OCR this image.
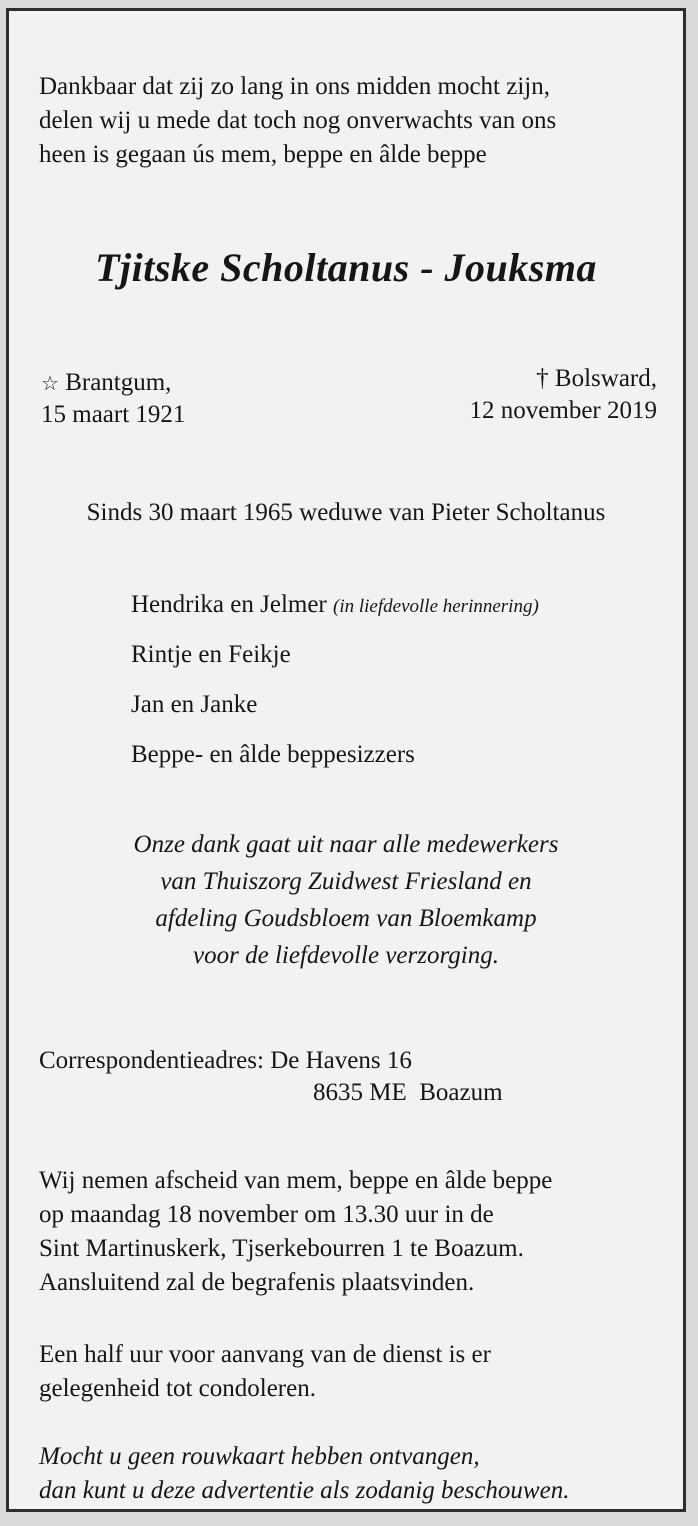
Dankbaar dat zij zo lang in ons midden mocht zijn,
delen wij u mede dat toch nog onverwachts van ons
heen is gegaan ús mem, beppe en âlde beppe
Tjitske Scholtanus - Jouksma
☆ Brantgum,
15 maart 1921
† Bolsward,
12 november 2019
Sinds 30 maart 1965 weduwe van Pieter Scholtanus
Hendrika en Jelmer (in liefdevolle herinnering)
Rintje en Feikje
Jan en Janke
Beppe- en âlde beppesizzers
Onze dank gaat uit naar alle medewerkers
van Thuiszorg Zuidwest Friesland en
afdeling Goudsbloem van Bloemkamp
voor de liefdevolle verzorging.
Correspondentieadres: De Havens 16
8635 ME  Boazum
Wij nemen afscheid van mem, beppe en âlde beppe
op maandag 18 november om 13.30 uur in de
Sint Martinuskerk, Tjserkebourren 1 te Boazum.
Aansluitend zal de begrafenis plaatsvinden.
Een half uur voor aanvang van de dienst is er
gelegenheid tot condoleren.
Mocht u geen rouwkaart hebben ontvangen,
dan kunt u deze advertentie als zodanig beschouwen.
